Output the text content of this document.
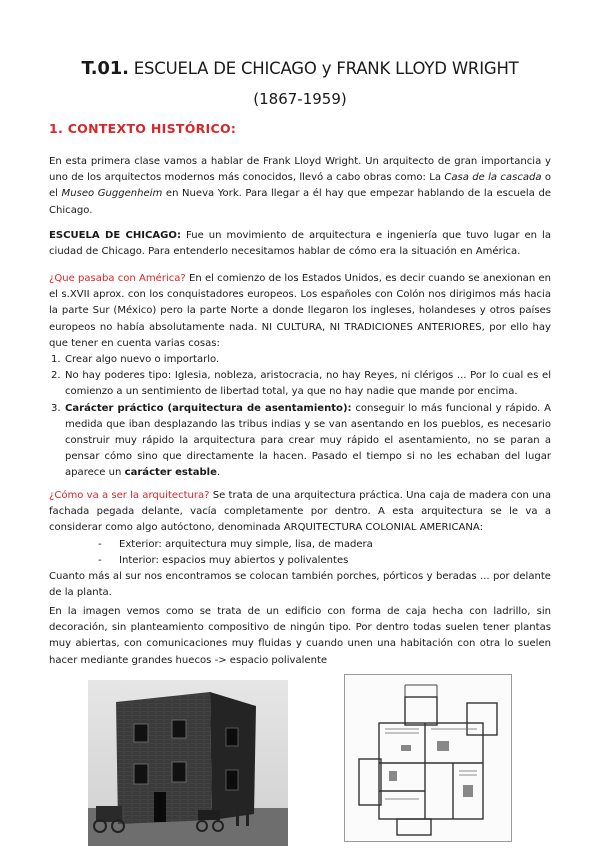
T.01. ESCUELA DE CHICAGO y FRANK LLOYD WRIGHT
(1867-1959)
1. CONTEXTO HISTÓRICO:

En esta primera clase vamos a hablar de Frank Lloyd Wright. Un arquitecto de gran importancia y uno de los arquitectos modernos más conocidos, llevó a cabo obras como: La Casa de la cascada o el Museo Guggenheim en Nueva York. Para llegar a él hay que empezar hablando de la escuela de Chicago.

ESCUELA DE CHICAGO: Fue un movimiento de arquitectura e ingeniería que tuvo lugar en la ciudad de Chicago. Para entenderlo necesitamos hablar de cómo era la situación en América.

¿Que pasaba con América? En el comienzo de los Estados Unidos, es decir cuando se anexionan en el s.XVII aprox. con los conquistadores europeos. Los españoles con Colón nos dirigimos más hacia la parte Sur (México) pero la parte Norte a donde llegaron los ingleses, holandeses y otros países europeos no había absolutamente nada. NI CULTURA, NI TRADICIONES ANTERIORES, por ello hay que tener en cuenta varias cosas:

1. Crear algo nuevo o importarlo.
2. No hay poderes tipo: Iglesia, nobleza, aristocracia, no hay Reyes, ni clérigos ... Por lo cual es el comienzo a un sentimiento de libertad total, ya que no hay nadie que mande por encima.
3. Carácter práctico (arquitectura de asentamiento): conseguir lo más funcional y rápido. A medida que iban desplazando las tribus indias y se van asentando en los pueblos, es necesario construir muy rápido la arquitectura para crear muy rápido el asentamiento, no se paran a pensar cómo sino que directamente la hacen. Pasado el tiempo si no les echaban del lugar aparece un carácter estable.

¿Cómo va a ser la arquitectura? Se trata de una arquitectura práctica. Una caja de madera con una fachada pegada delante, vacía completamente por dentro. A esta arquitectura se le va a considerar como algo autóctono, denominada ARQUITECTURA COLONIAL AMERICANA:

- Exterior: arquitectura muy simple, lisa, de madera
- Interior: espacios muy abiertos y polivalentes

Cuanto más al sur nos encontramos se colocan también porches, pórticos y beradas ... por delante de la planta.

En la imagen vemos como se trata de un edificio con forma de caja hecha con ladrillo, sin decoración, sin planteamiento compositivo de ningún tipo. Por dentro todas suelen tener plantas muy abiertas, con comunicaciones muy fluidas y cuando unen una habitación con otra lo suelen hacer mediante grandes huecos -> espacio polivalente
